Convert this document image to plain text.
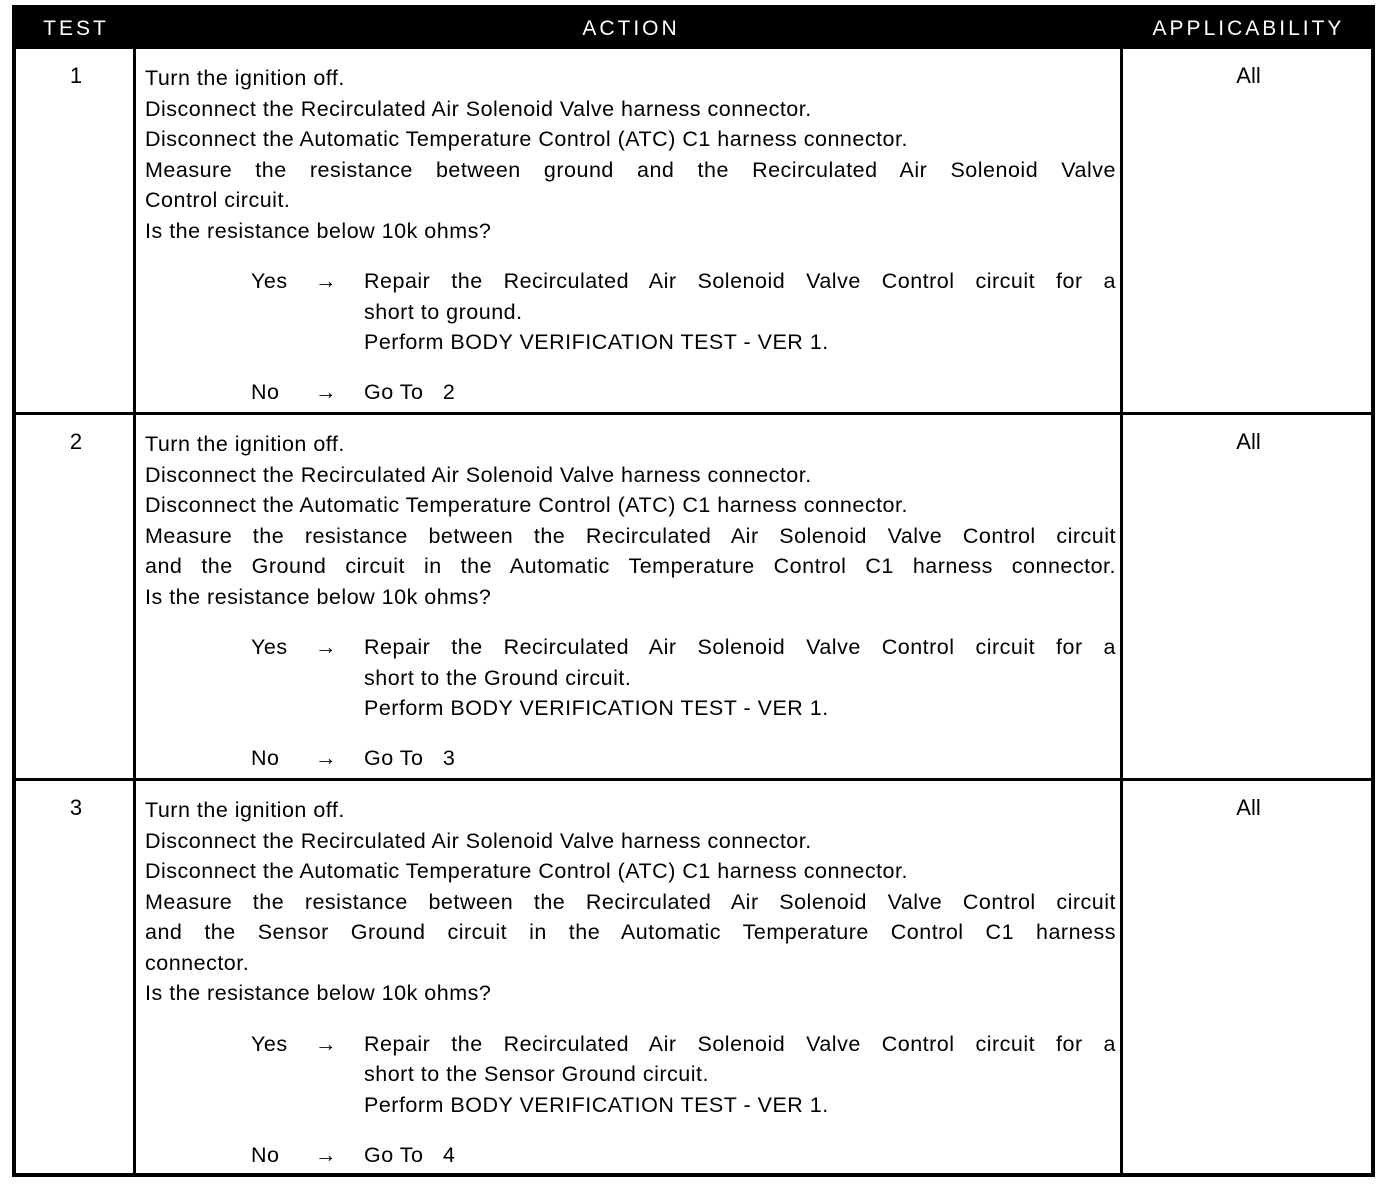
TEST	ACTION	APPLICABILITY
1	Turn the ignition off.
Disconnect the Recirculated Air Solenoid Valve harness connector.
Disconnect the Automatic Temperature Control (ATC) C1 harness connector.
Measure the resistance between ground and the Recirculated Air Solenoid Valve
Control circuit.
Is the resistance below 10k ohms?
Yes → Repair the Recirculated Air Solenoid Valve Control circuit for a
short to ground.
Perform BODY VERIFICATION TEST - VER 1.
No → Go To   2
All
2	Turn the ignition off.
Disconnect the Recirculated Air Solenoid Valve harness connector.
Disconnect the Automatic Temperature Control (ATC) C1 harness connector.
Measure the resistance between the Recirculated Air Solenoid Valve Control circuit
and the Ground circuit in the Automatic Temperature Control C1 harness connector.
Is the resistance below 10k ohms?
Yes → Repair the Recirculated Air Solenoid Valve Control circuit for a
short to the Ground circuit.
Perform BODY VERIFICATION TEST - VER 1.
No → Go To   3
All
3	Turn the ignition off.
Disconnect the Recirculated Air Solenoid Valve harness connector.
Disconnect the Automatic Temperature Control (ATC) C1 harness connector.
Measure the resistance between the Recirculated Air Solenoid Valve Control circuit
and the Sensor Ground circuit in the Automatic Temperature Control C1 harness
connector.
Is the resistance below 10k ohms?
Yes → Repair the Recirculated Air Solenoid Valve Control circuit for a
short to the Sensor Ground circuit.
Perform BODY VERIFICATION TEST - VER 1.
No → Go To   4
All
